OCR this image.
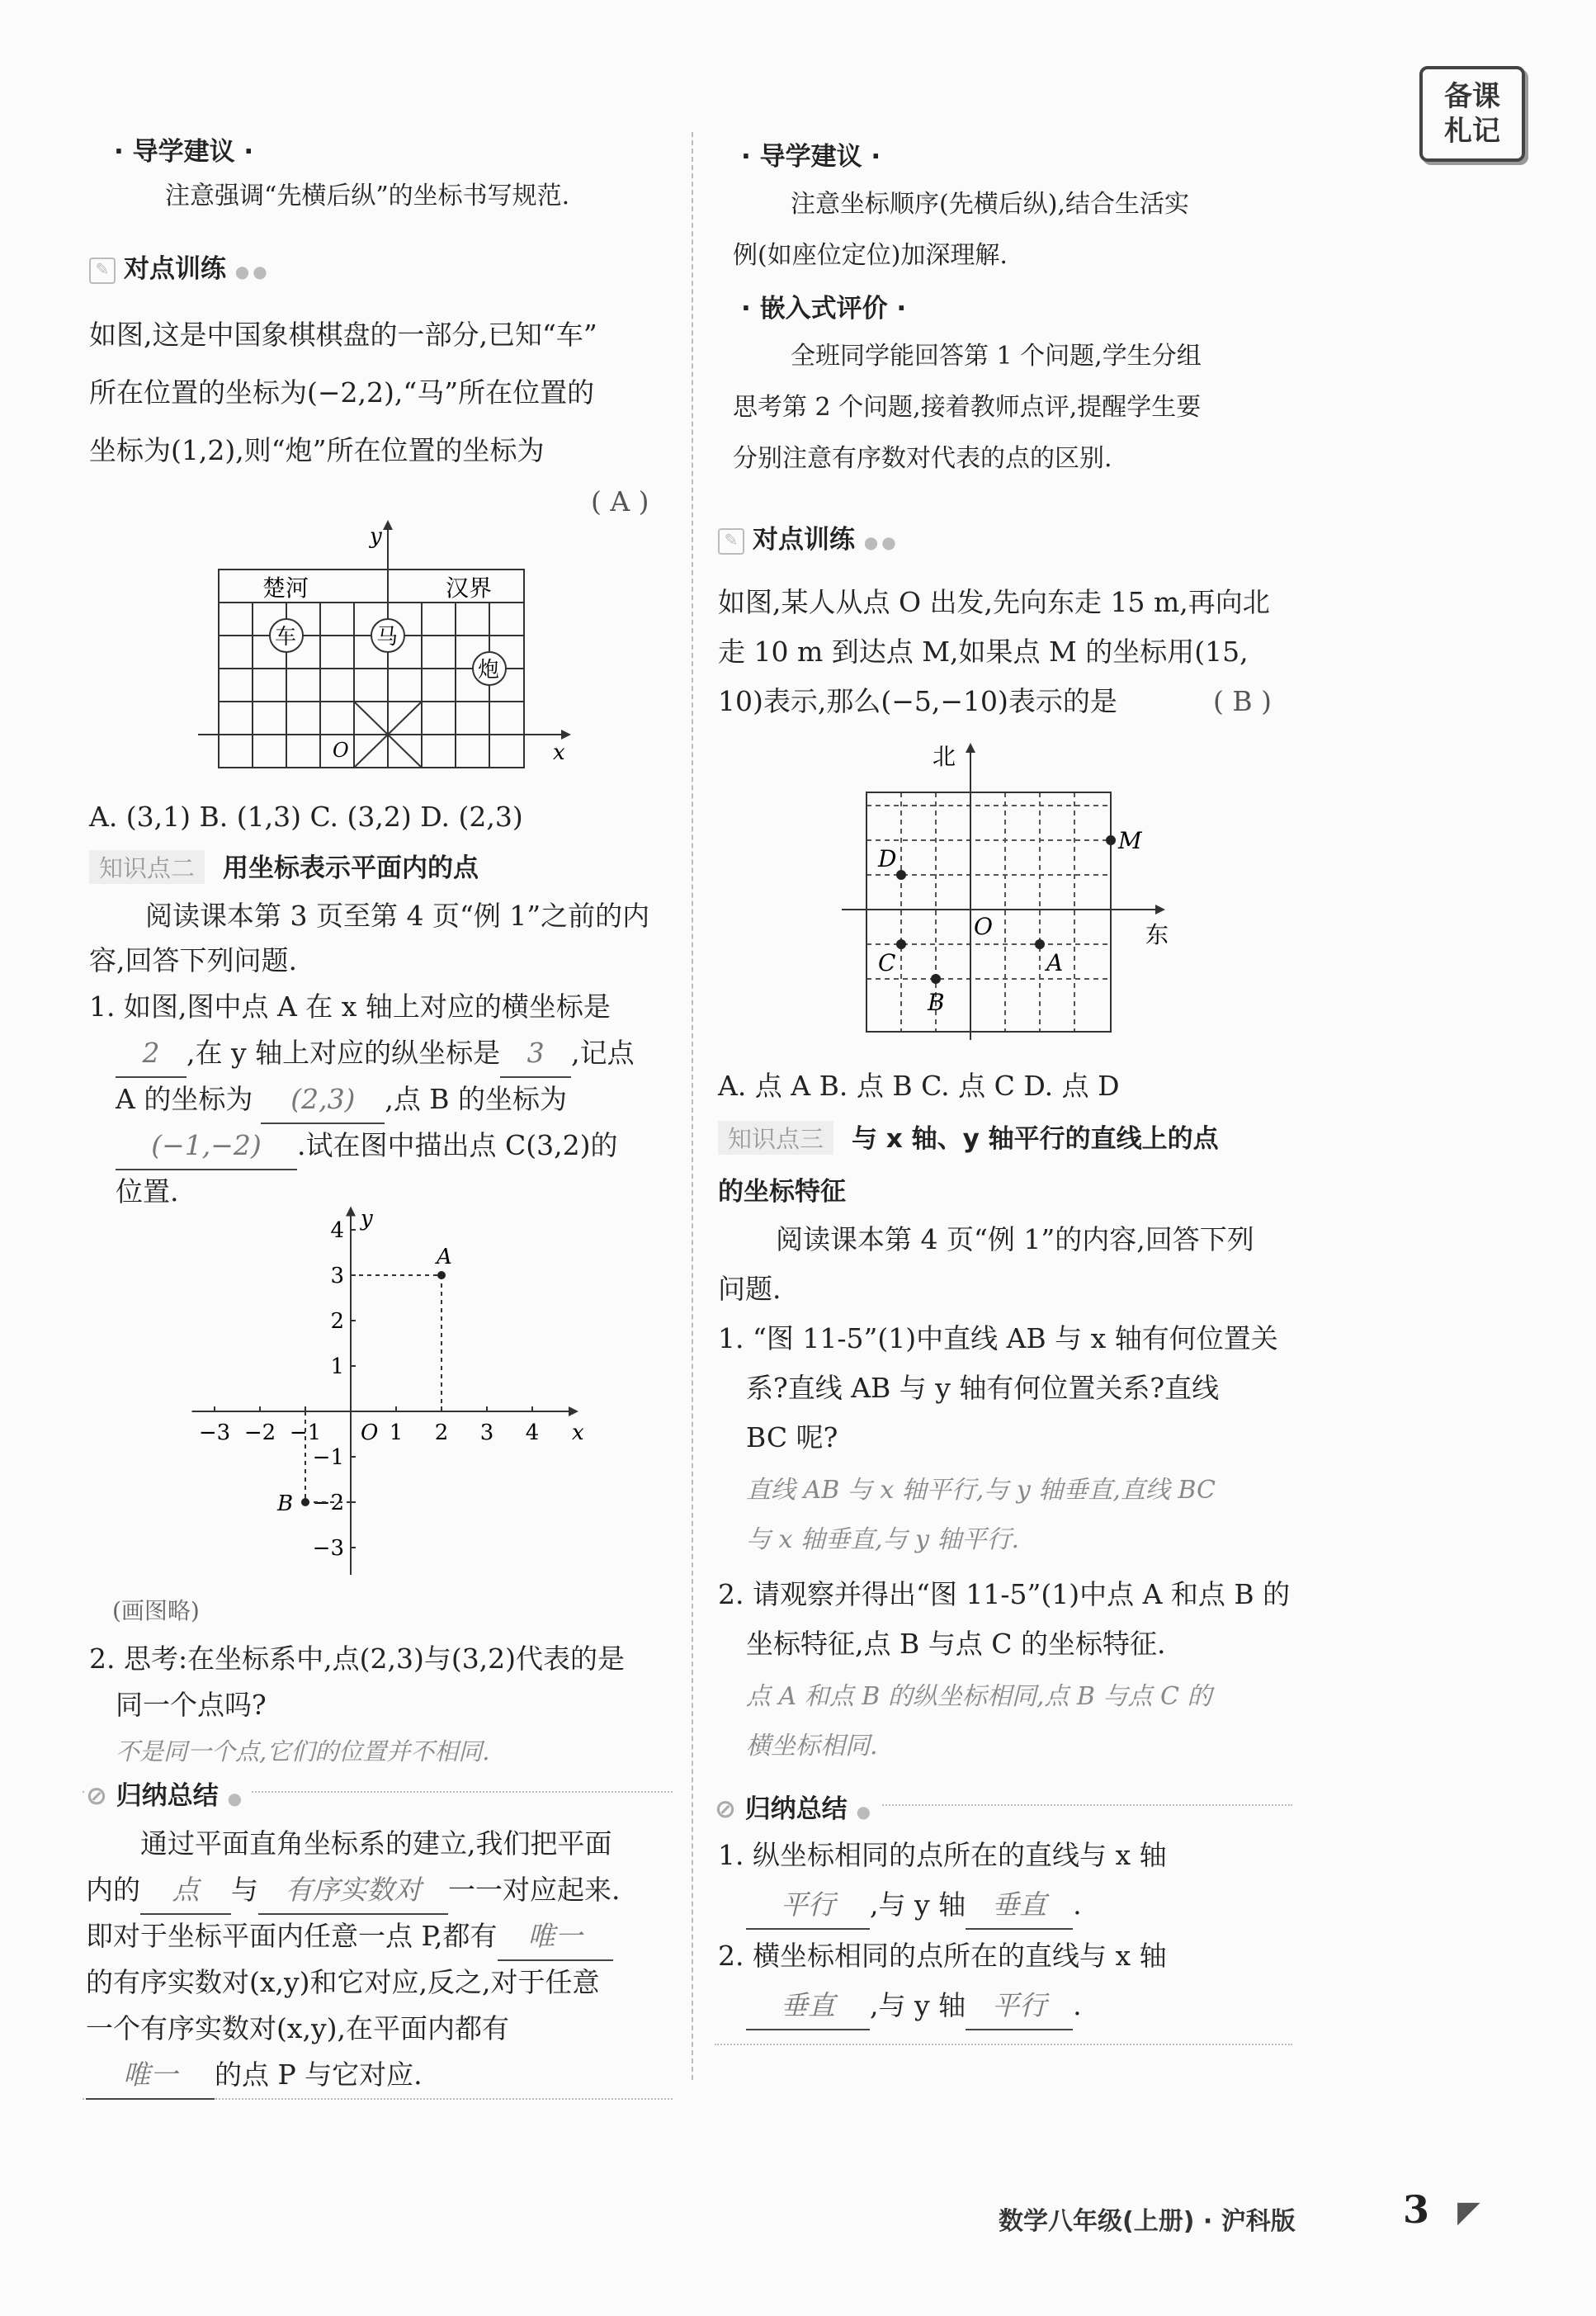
备课札记
· 导学建议 ·
注意强调“先横后纵”的坐标书写规范.
✎ 对点训练 ●●
如图,这是中国象棋棋盘的一部分,已知“车”
所在位置的坐标为(−2,2),“马”所在位置的
坐标为(1,2),则“炮”所在位置的坐标为
( A )
y
x
O
楚河	汉界
车	马
炮
A. (3,1) B. (1,3) C. (3,2) D. (2,3)
知识点二 用坐标表示平面内的点
阅读课本第 3 页至第 4 页“例 1”之前的内
容,回答下列问题.
1. 如图,图中点 A 在 x 轴上对应的横坐标是
2 ,在 y 轴上对应的纵坐标是 3 ,记点
A 的坐标为 (2,3) ,点 B 的坐标为
(−1,−2) .试在图中描出点 C(3,2)的
位置.
−3 −2 −1	1 2 3 4
4
3
2
1
−1
−2
−3
O	x
y
A
B
(画图略)
2. 思考:在坐标系中,点(2,3)与(3,2)代表的是
同一个点吗?
不是同一个点,它们的位置并不相同.
⊘ 归纳总结 ●
通过平面直角坐标系的建立,我们把平面
内的 点 与 有序实数对 一一对应起来.
即对于坐标平面内任意一点 P,都有 唯一
的有序实数对(x,y)和它对应,反之,对于任意
一个有序实数对(x,y),在平面内都有
唯一 的点 P 与它对应.
· 导学建议 ·
注意坐标顺序(先横后纵),结合生活实
例(如座位定位)加深理解.
· 嵌入式评价 ·
全班同学能回答第 1 个问题,学生分组
思考第 2 个问题,接着教师点评,提醒学生要
分别注意有序数对代表的点的区别.
✎ 对点训练 ●●
如图,某人从点 O 出发,先向东走 15 m,再向北
走 10 m 到达点 M,如果点 M 的坐标用(15,
10)表示,那么(−5,−10)表示的是	( B )
北
东
O
M
D
C	A
B
A. 点 A B. 点 B C. 点 C D. 点 D
知识点三 与 x 轴、y 轴平行的直线上的点
的坐标特征
阅读课本第 4 页“例 1”的内容,回答下列
问题.
1. “图 11-5”(1)中直线 AB 与 x 轴有何位置关
系?直线 AB 与 y 轴有何位置关系?直线
BC 呢?
直线 AB 与 x 轴平行,与 y 轴垂直,直线 BC
与 x 轴垂直,与 y 轴平行.
2. 请观察并得出“图 11-5”(1)中点 A 和点 B 的
坐标特征,点 B 与点 C 的坐标特征.
点 A 和点 B 的纵坐标相同,点 B 与点 C 的
横坐标相同.
⊘ 归纳总结 ●
1. 纵坐标相同的点所在的直线与 x 轴
平行 ,与 y 轴 垂直 .
2. 横坐标相同的点所在的直线与 x 轴
垂直 ,与 y 轴 平行 .
数学八年级(上册) · 沪科版	3 ◤
